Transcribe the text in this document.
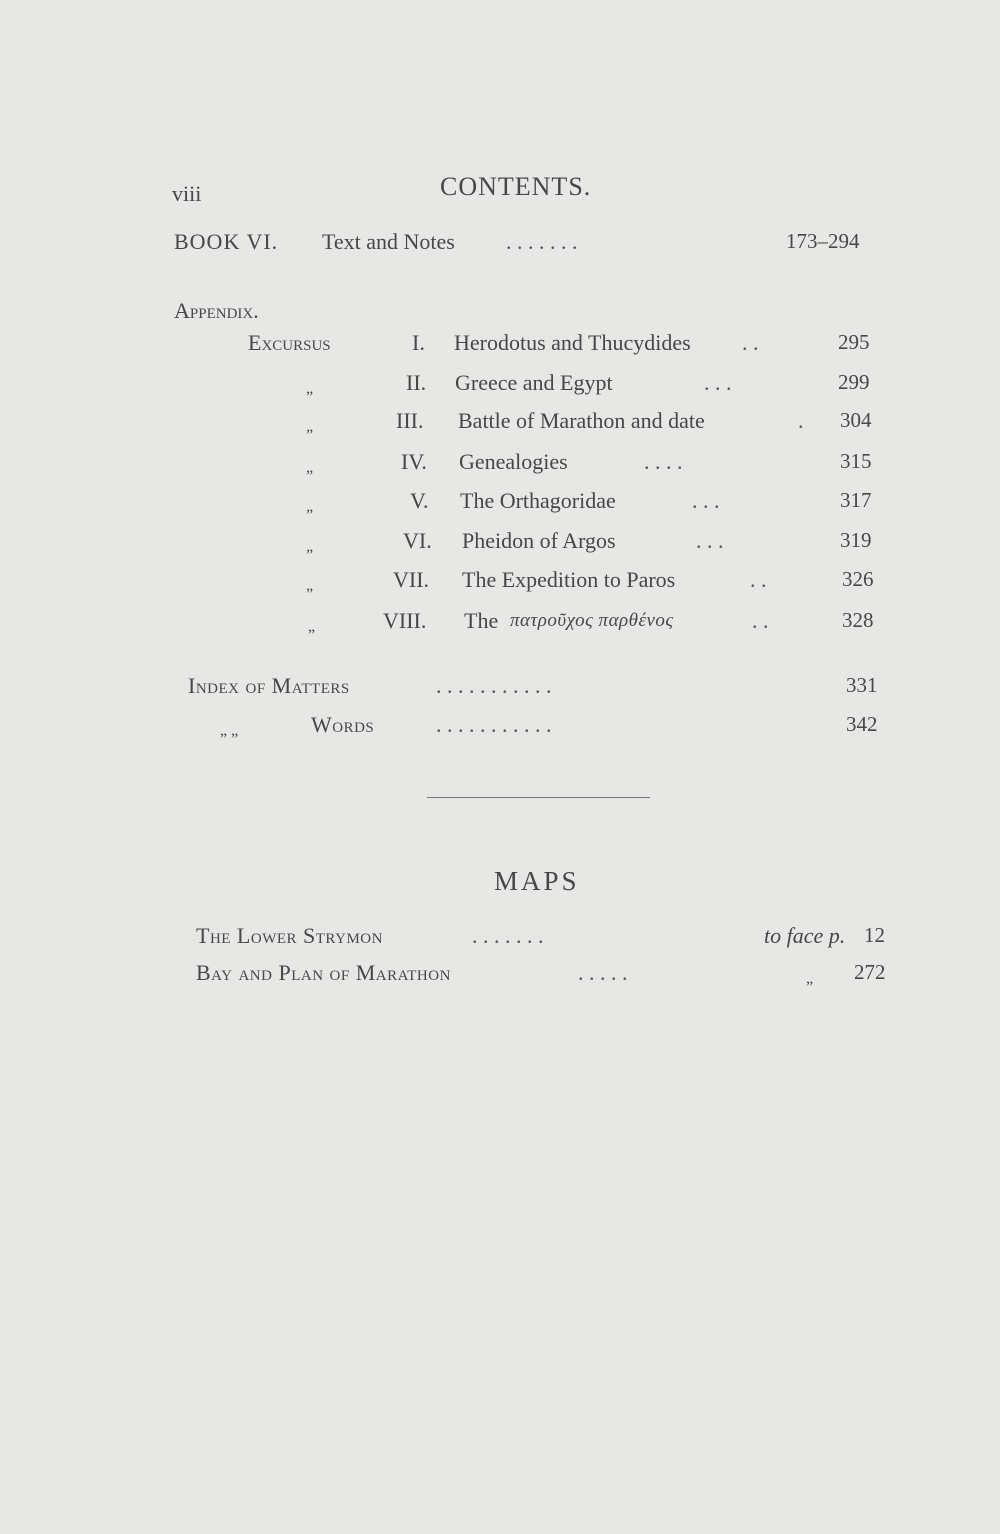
viii	CONTENTS.
BOOK VI. Text and Notes . . . . . . .	173–294
Appendix.
Excursus	I. Herodotus and Thucydides . .	295
„	II. Greece and Egypt	. . .	299
„	III. Battle of Marathon and date	. 304
„	IV. Genealogies	. . . .	315
„	V. The Orthagoridae	. . .	317
„	VI. Pheidon of Argos	. . .	319
„	VII. The Expedition to Paros	. .	326
„	VIII. The πατροῦχος παρθένος	. .	328
Index of Matters	. . . . . . . . . . .	331
„ „	Words	. . . . . . . . . . .	342
MAPS
The Lower Strymon	. . . . . . .	to face p. 12
Bay and Plan of Marathon	. . . . .	„ 272
